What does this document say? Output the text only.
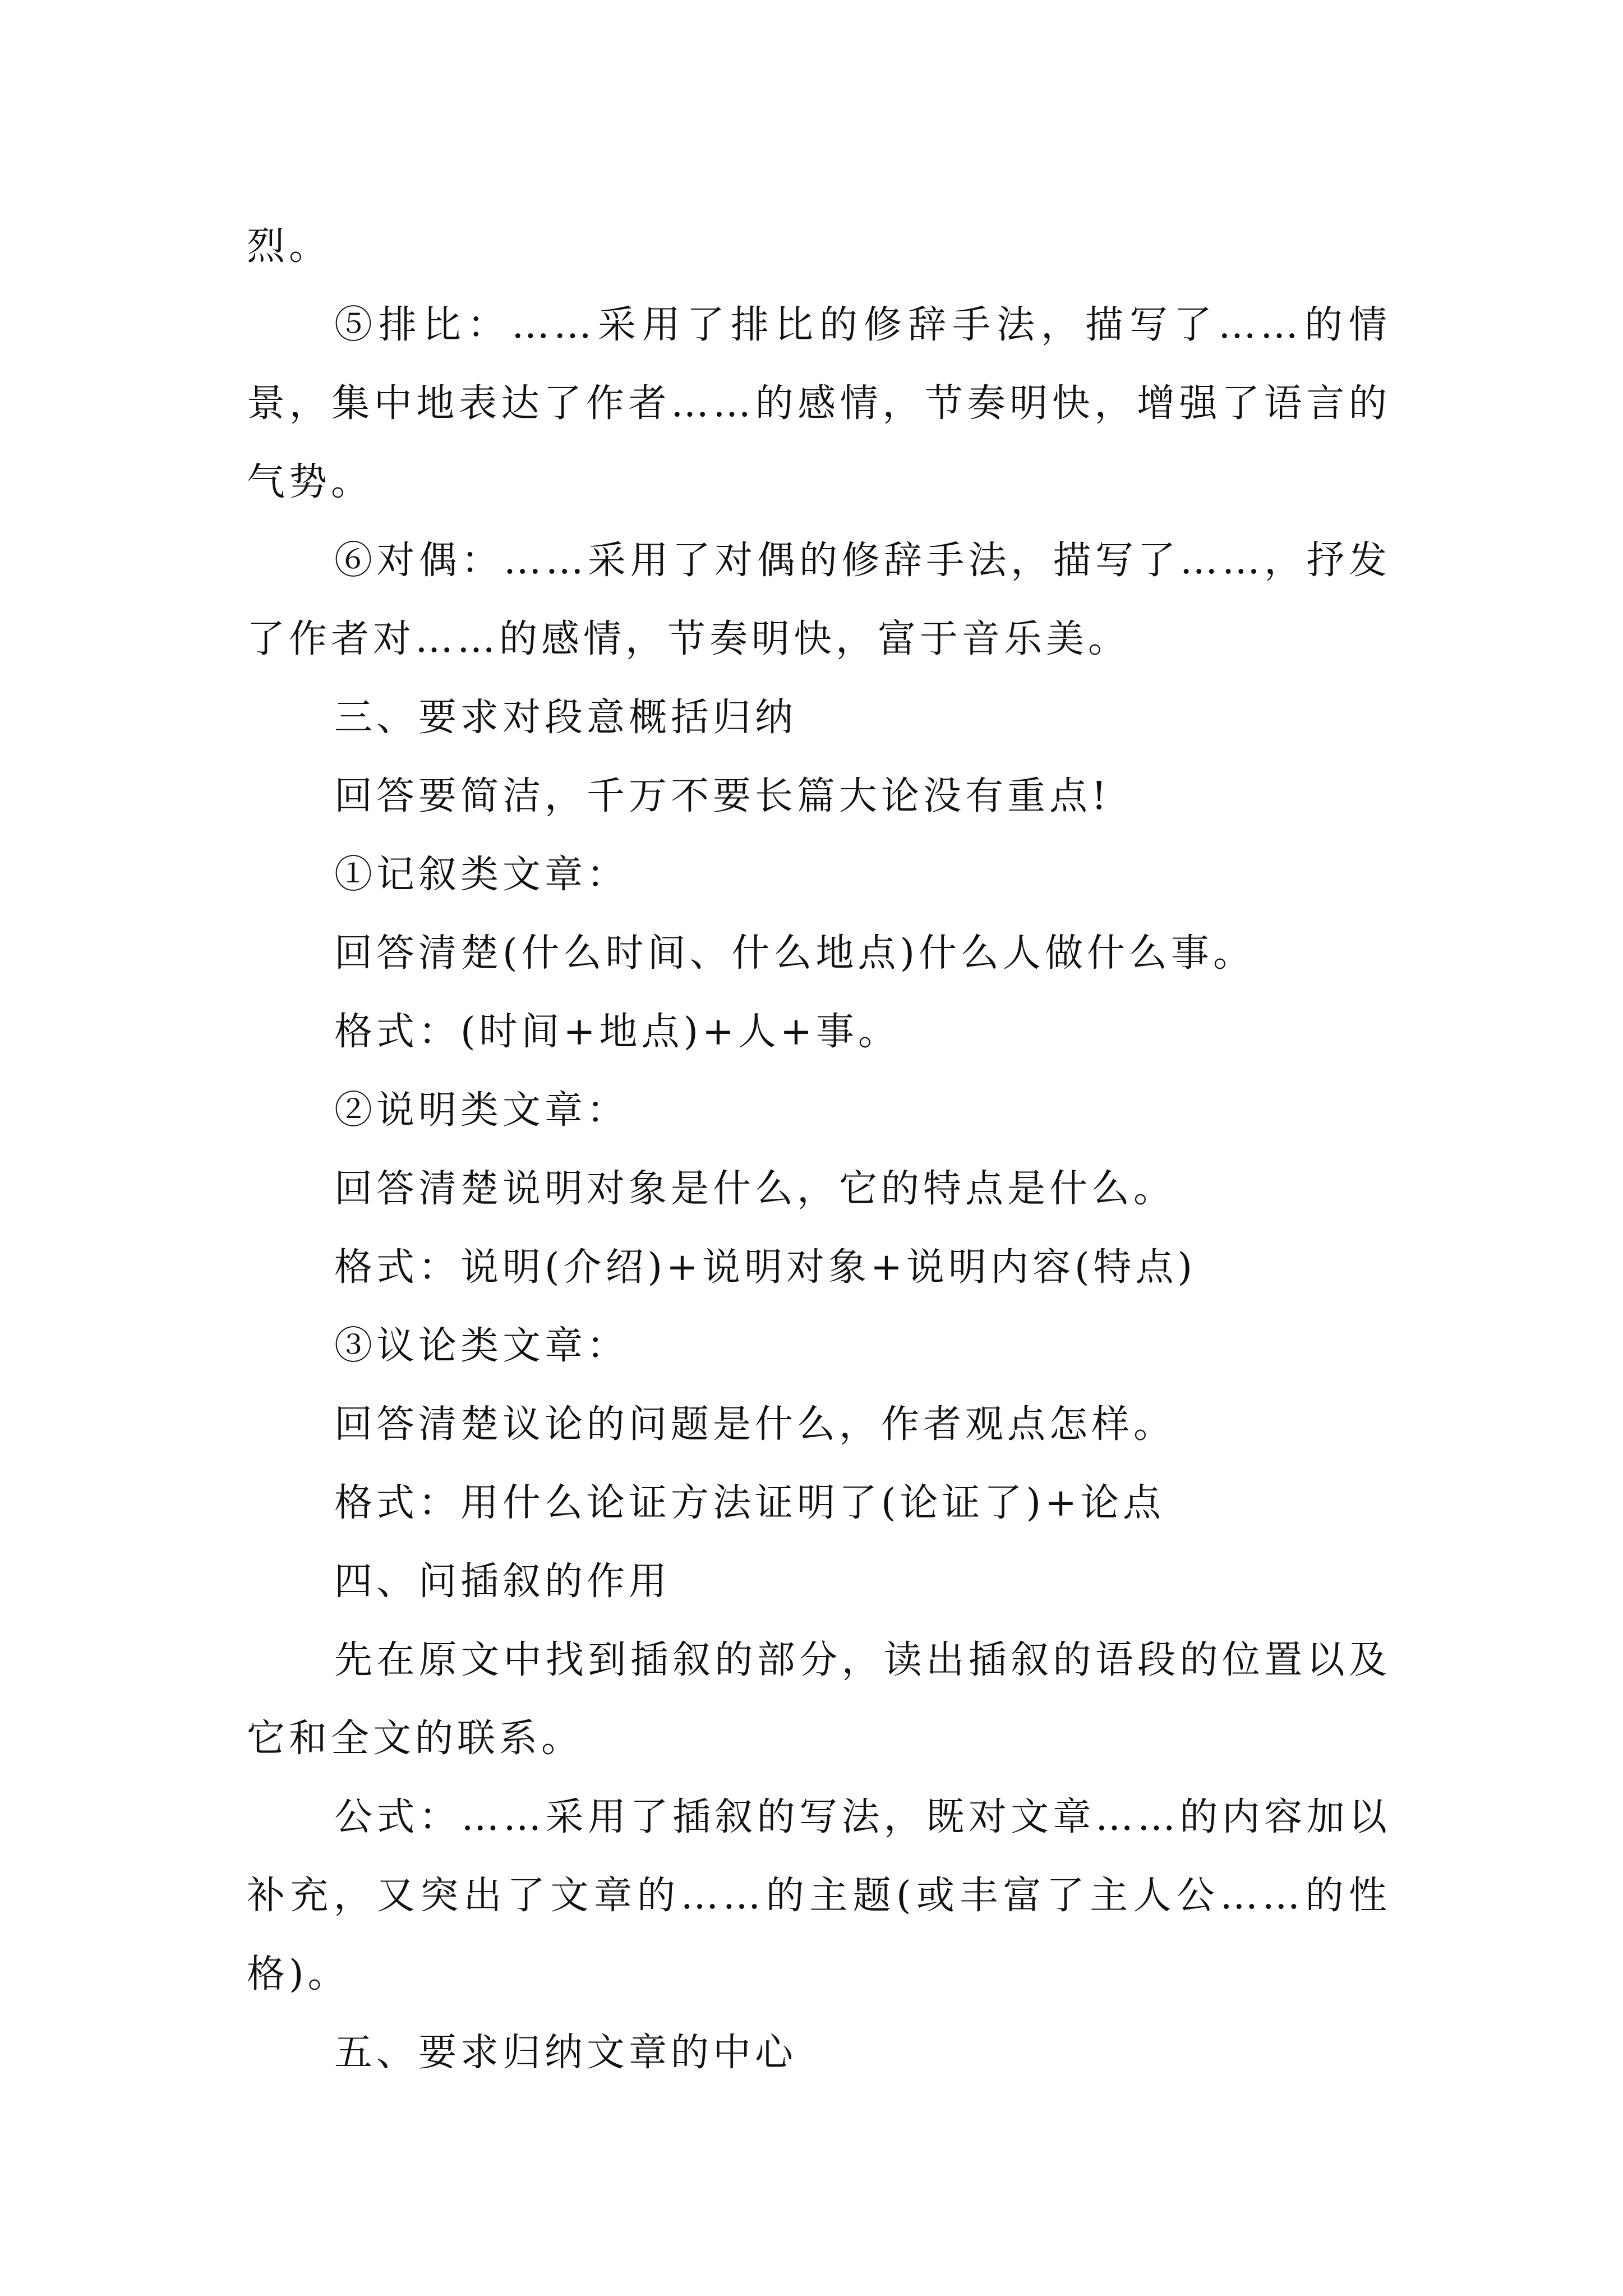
烈。

⑤排比：……采用了排比的修辞手法，描写了……的情景，集中地表达了作者……的感情，节奏明快，增强了语言的气势。

⑥对偶：……采用了对偶的修辞手法，描写了……，抒发了作者对……的感情，节奏明快，富于音乐美。

三、要求对段意概括归纳

回答要简洁，千万不要长篇大论没有重点!

①记叙类文章：

回答清楚(什么时间、什么地点)什么人做什么事。

格式：(时间+地点)+人+事。

②说明类文章：

回答清楚说明对象是什么，它的特点是什么。

格式：说明(介绍)+说明对象+说明内容(特点)

③议论类文章：

回答清楚议论的问题是什么，作者观点怎样。

格式：用什么论证方法证明了(论证了)+论点

四、问插叙的作用

先在原文中找到插叙的部分，读出插叙的语段的位置以及它和全文的联系。

公式：……采用了插叙的写法，既对文章……的内容加以补充，又突出了文章的……的主题(或丰富了主人公……的性格)。

五、要求归纳文章的中心
